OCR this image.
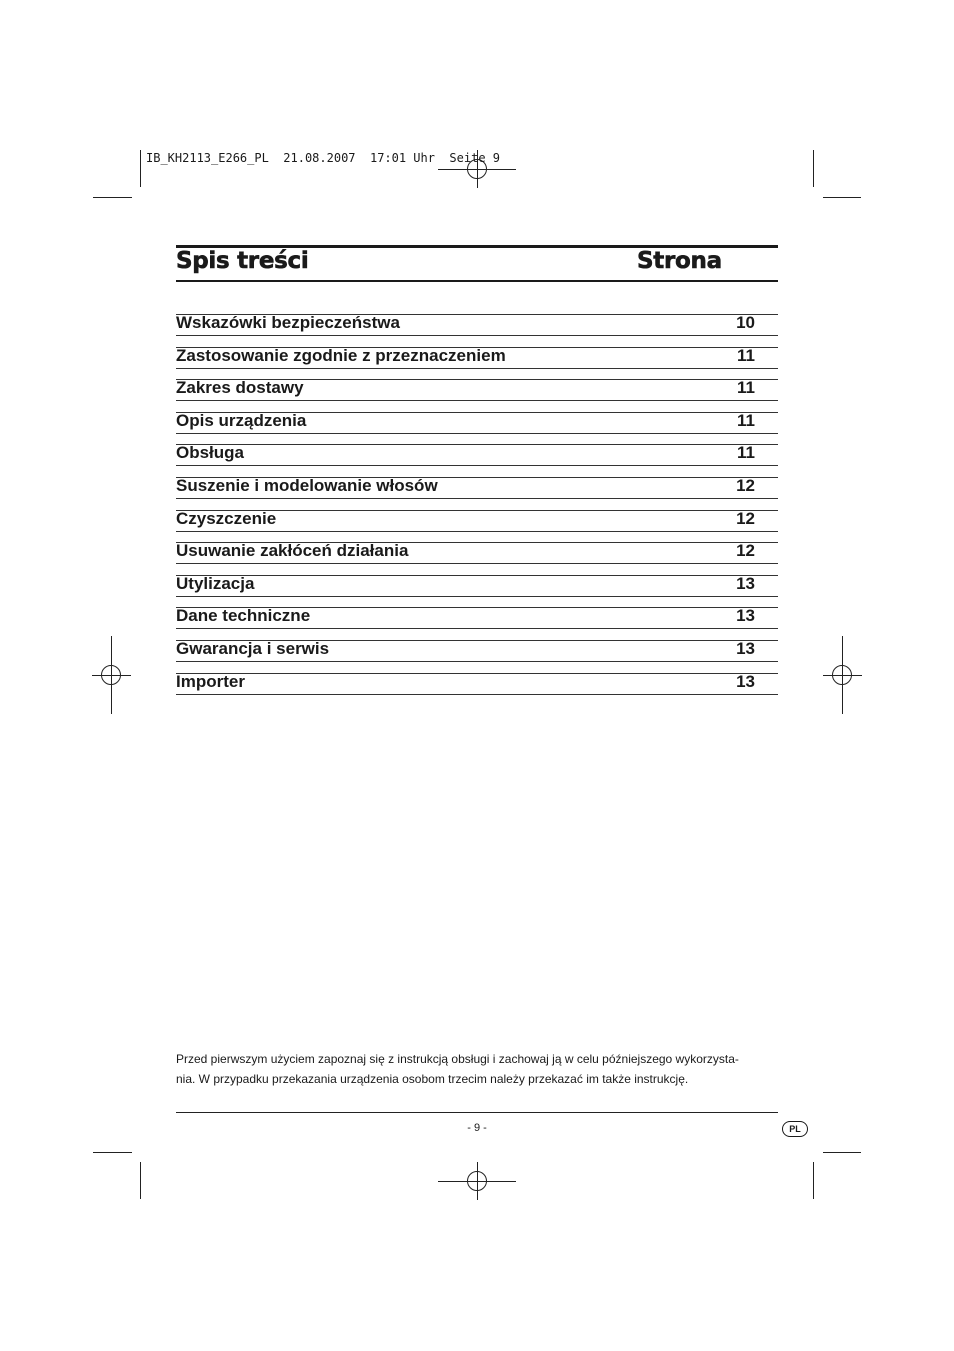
IB_KH2113_E266_PL  21.08.2007  17:01 Uhr  Seite 9
Spis treści	Strona
Wskazówki bezpieczeństwa	10
Zastosowanie zgodnie z przeznaczeniem	11
Zakres dostawy	11
Opis urządzenia	11
Obsługa	11
Suszenie i modelowanie włosów	12
Czyszczenie	12
Usuwanie zakłóceń działania	12
Utylizacja	13
Dane techniczne	13
Gwarancja i serwis	13
Importer	13
Przed pierwszym użyciem zapoznaj się z instrukcją obsługi i zachowaj ją w celu późniejszego wykorzysta-
nia. W przypadku przekazania urządzenia osobom trzecim należy przekazać im także instrukcję.
- 9 -	PL
